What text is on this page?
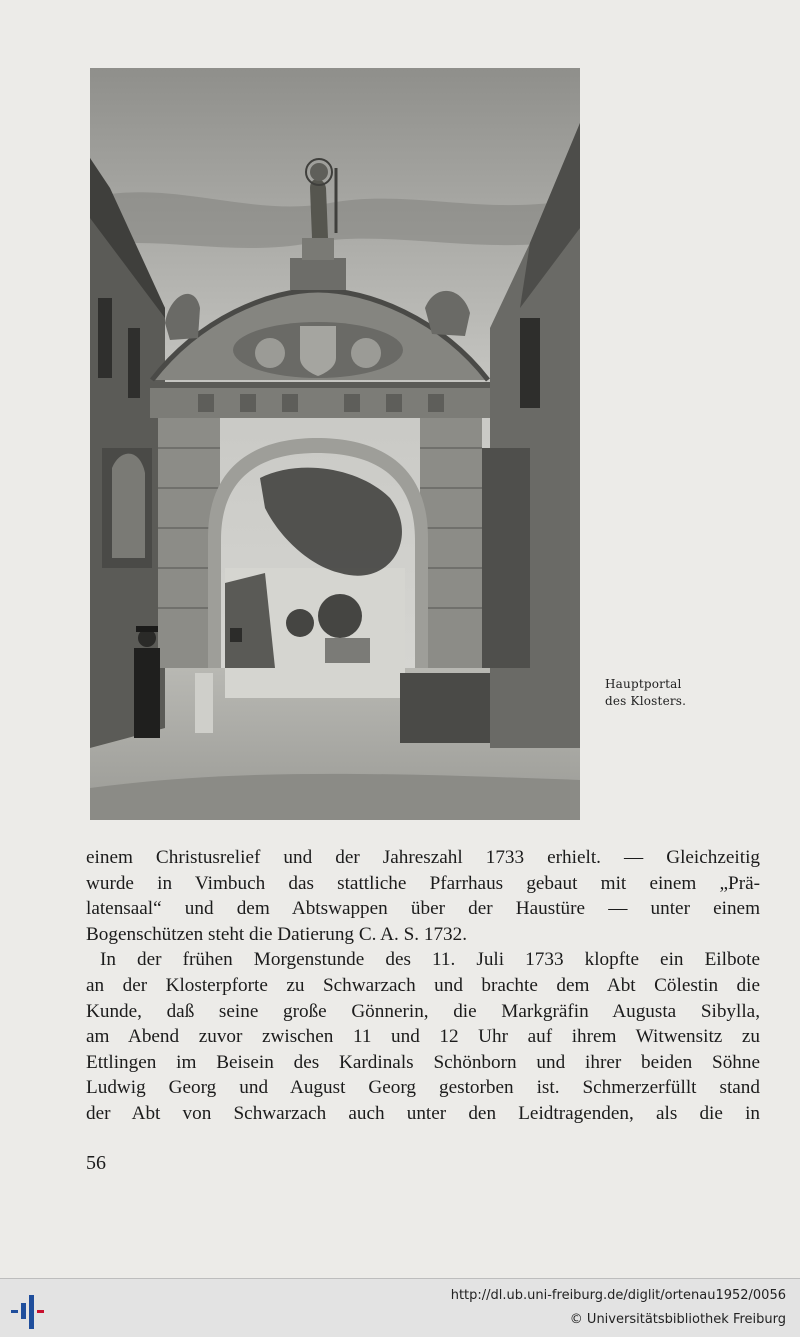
Hauptportal
des Klosters.
einem Christusrelief und der Jahreszahl 1733 erhielt. — Gleichzeitig
wurde in Vimbuch das stattliche Pfarrhaus gebaut mit einem „Prä-
latensaal“ und dem Abtswappen über der Haustüre — unter einem
Bogenschützen steht die Datierung C. A. S. 1732.
In der frühen Morgenstunde des 11. Juli 1733 klopfte ein Eilbote
an der Klosterpforte zu Schwarzach und brachte dem Abt Cölestin die
Kunde, daß seine große Gönnerin, die Markgräfin Augusta Sibylla,
am Abend zuvor zwischen 11 und 12 Uhr auf ihrem Witwensitz zu
Ettlingen im Beisein des Kardinals Schönborn und ihrer beiden Söhne
Ludwig Georg und August Georg gestorben ist. Schmerzerfüllt stand
der Abt von Schwarzach auch unter den Leidtragenden, als die in
56
http://dl.ub.uni-freiburg.de/diglit/ortenau1952/0056
© Universitätsbibliothek Freiburg
